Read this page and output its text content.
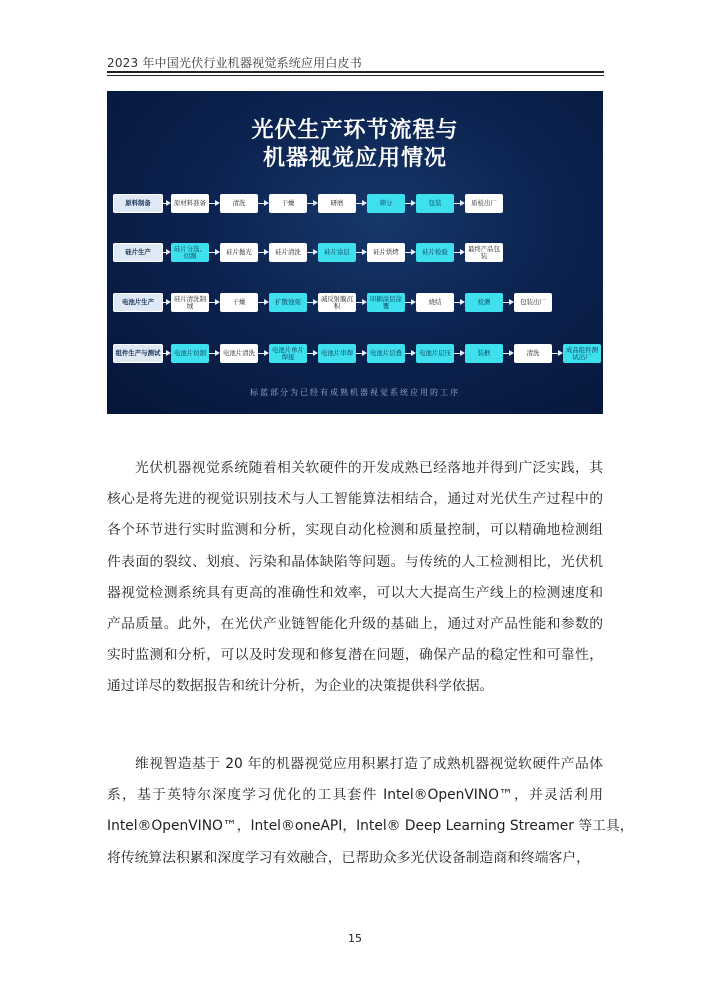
2023 年中国光伏行业机器视觉系统应用白皮书
光伏生产环节流程与
机器视觉应用情况
标蓝部分为已经有成熟机器视觉系统应用的工序
原料制备	原材料准备	清洗	干燥	研磨	筛分	包装	质检出厂
硅片生产	硅片分选、切割	硅片抛光	硅片清洗	硅片涂层	硅片烘烤	硅片检验	最终产品包装
电池片生产	硅片清洗制绒	干燥	扩散蚀刻	减反射膜沉积
印刷涂层涂覆	烧结	检测	包装出厂
组件生产与测试	电池片切割	电池片清洗	电池片单片焊接	电池片串焊	电池片层叠	电池片层压	装框	清洗	成品组件测试出厂
光伏机器视觉系统随着相关软硬件的开发成熟已经落地并得到广泛实践，其
核心是将先进的视觉识别技术与人工智能算法相结合，通过对光伏生产过程中的
各个环节进行实时监测和分析，实现自动化检测和质量控制，可以精确地检测组
件表面的裂纹、划痕、污染和晶体缺陷等问题。与传统的人工检测相比，光伏机
器视觉检测系统具有更高的准确性和效率，可以大大提高生产线上的检测速度和
产品质量。此外，在光伏产业链智能化升级的基础上，通过对产品性能和参数的
实时监测和分析，可以及时发现和修复潜在问题，确保产品的稳定性和可靠性，
通过详尽的数据报告和统计分析，为企业的决策提供科学依据。
维视智造基于 20 年的机器视觉应用积累打造了成熟机器视觉软硬件产品体
系，基于英特尔深度学习优化的工具套件 Intel®OpenVINO™，并灵活利用
Intel®OpenVINO™，Intel®oneAPI，Intel® Deep Learning Streamer 等工具，
将传统算法积累和深度学习有效融合，已帮助众多光伏设备制造商和终端客户，
15
